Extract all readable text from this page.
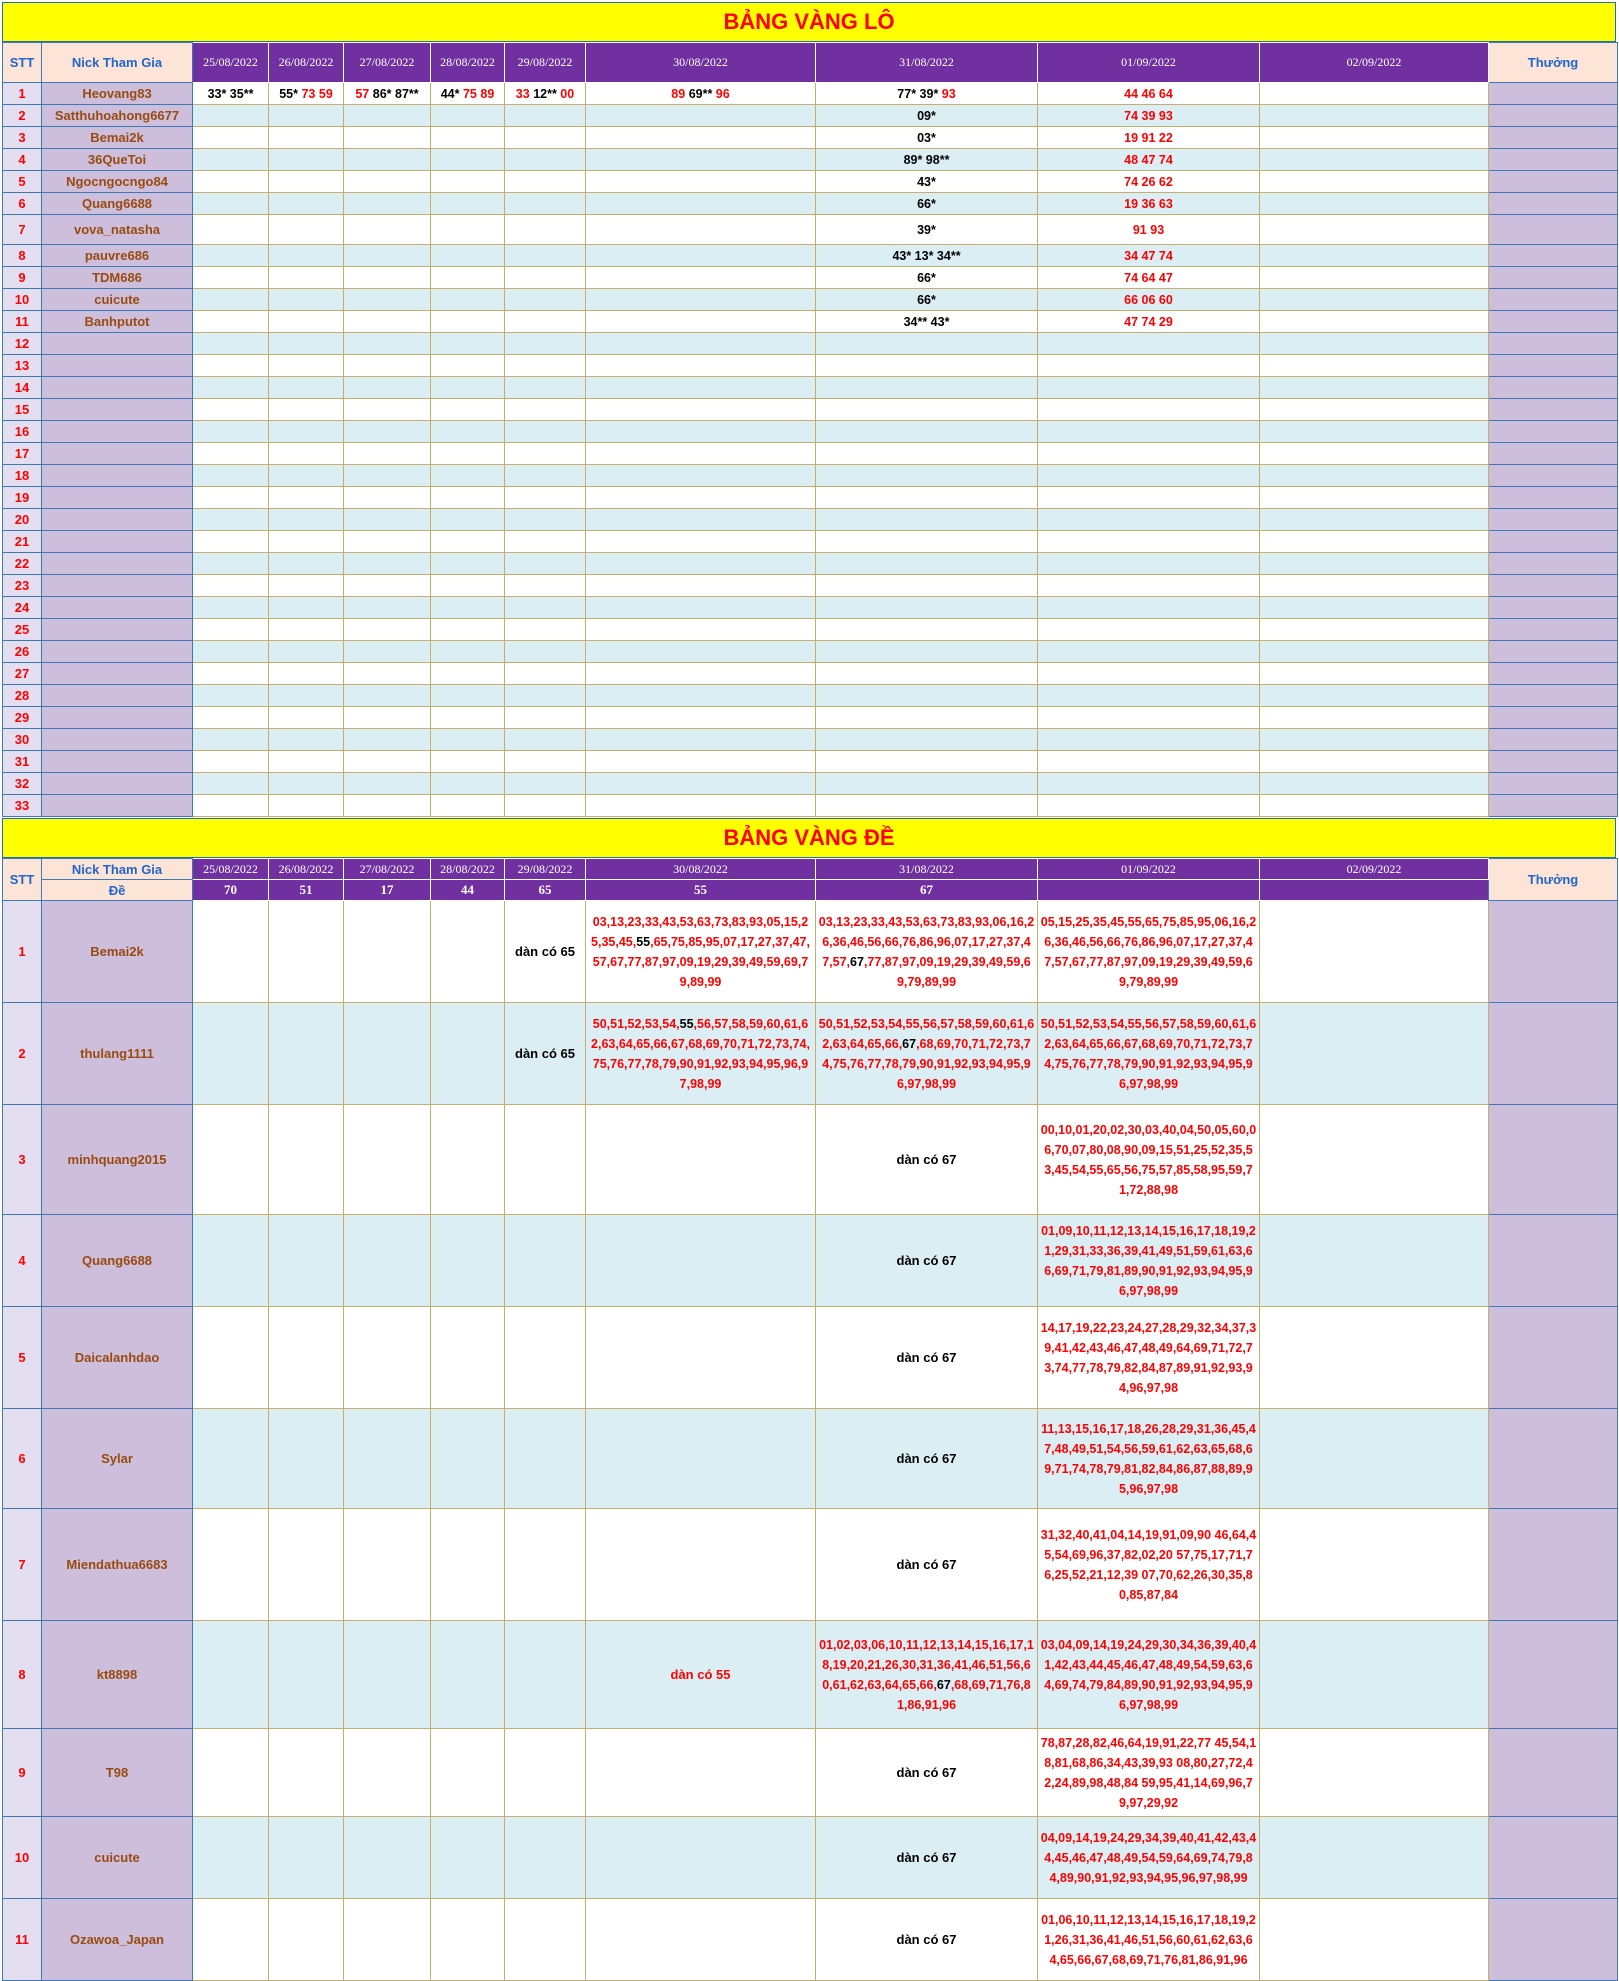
BẢNG VÀNG LÔ
STT	Nick Tham Gia	25/08/2022	26/08/2022	27/08/2022	28/08/2022	29/08/2022	30/08/2022	31/08/2022	01/09/2022	02/09/2022	Thưởng
1	Heovang83	33* 35**	55* 73 59	57 86* 87**	44* 75 89	33 12** 00	89 69** 96	77* 39* 93	44 46 64		
2	Satthuhoahong6677							09*	74 39 93		
3	Bemai2k							03*	19 91 22		
4	36QueToi							89* 98**	48 47 74		
5	Ngocngocngo84							43*	74 26 62		
6	Quang6688							66*	19 36 63		
7	vova_natasha							39*	91 93		
8	pauvre686							43* 13* 34**	34 47 74		
9	TDM686							66*	74 64 47		
10	cuicute							66*	66 06 60		
11	Banhputot							34** 43*	47 74 29		
12											
13											
14											
15											
16											
17											
18											
19											
20											
21											
22											
23											
24											
25											
26											
27											
28											
29											
30											
31											
32											
33											
BẢNG VÀNG ĐỀ
STT	Nick Tham Gia	25/08/2022	26/08/2022	27/08/2022	28/08/2022	29/08/2022	30/08/2022	31/08/2022	01/09/2022	02/09/2022	Thưởng
	Đề	70	51	17	44	65	55	67			
1	Bemai2k					dàn có 65	03,13,23,33,43,53,63,73,83,93,05,15,25,35,45,55,65,75,85,95,07,17,27,37,47,57,67,77,87,97,09,19,29,39,49,59,69,79,89,99	03,13,23,33,43,53,63,73,83,93,06,16,26,36,46,56,66,76,86,96,07,17,27,37,47,57,67,77,87,97,09,19,29,39,49,59,69,79,89,99	05,15,25,35,45,55,65,75,85,95,06,16,26,36,46,56,66,76,86,96,07,17,27,37,47,57,67,77,87,97,09,19,29,39,49,59,69,79,89,99		
2	thulang1111					dàn có 65	50,51,52,53,54,55,56,57,58,59,60,61,62,63,64,65,66,67,68,69,70,71,72,73,74,75,76,77,78,79,90,91,92,93,94,95,96,97,98,99	50,51,52,53,54,55,56,57,58,59,60,61,62,63,64,65,66,67,68,69,70,71,72,73,74,75,76,77,78,79,90,91,92,93,94,95,96,97,98,99	50,51,52,53,54,55,56,57,58,59,60,61,62,63,64,65,66,67,68,69,70,71,72,73,74,75,76,77,78,79,90,91,92,93,94,95,96,97,98,99		
3	minhquang2015							dàn có 67	00,10,01,20,02,30,03,40,04,50,05,60,06,70,07,80,08,90,09,15,51,25,52,35,53,45,54,55,65,56,75,57,85,58,95,59,71,72,88,98		
4	Quang6688							dàn có 67	01,09,10,11,12,13,14,15,16,17,18,19,21,29,31,33,36,39,41,49,51,59,61,63,66,69,71,79,81,89,90,91,92,93,94,95,96,97,98,99		
5	Daicalanhdao							dàn có 67	14,17,19,22,23,24,27,28,29,32,34,37,39,41,42,43,46,47,48,49,64,69,71,72,73,74,77,78,79,82,84,87,89,91,92,93,94,96,97,98		
6	Sylar							dàn có 67	11,13,15,16,17,18,26,28,29,31,36,45,47,48,49,51,54,56,59,61,62,63,65,68,69,71,74,78,79,81,82,84,86,87,88,89,95,96,97,98		
7	Miendathua6683							dàn có 67	31,32,40,41,04,14,19,91,09,90 46,64,45,54,69,96,37,82,02,20 57,75,17,71,76,25,52,21,12,39 07,70,62,26,30,35,80,85,87,84		
8	kt8898						dàn có 55	01,02,03,06,10,11,12,13,14,15,16,17,18,19,20,21,26,30,31,36,41,46,51,56,60,61,62,63,64,65,66,67,68,69,71,76,81,86,91,96	03,04,09,14,19,24,29,30,34,36,39,40,41,42,43,44,45,46,47,48,49,54,59,63,64,69,74,79,84,89,90,91,92,93,94,95,96,97,98,99		
9	T98							dàn có 67	78,87,28,82,46,64,19,91,22,77 45,54,18,81,68,86,34,43,39,93 08,80,27,72,42,24,89,98,48,84 59,95,41,14,69,96,79,97,29,92		
10	cuicute							dàn có 67	04,09,14,19,24,29,34,39,40,41,42,43,44,45,46,47,48,49,54,59,64,69,74,79,84,89,90,91,92,93,94,95,96,97,98,99		
11	Ozawoa_Japan							dàn có 67	01,06,10,11,12,13,14,15,16,17,18,19,21,26,31,36,41,46,51,56,60,61,62,63,64,65,66,67,68,69,71,76,81,86,91,96		
